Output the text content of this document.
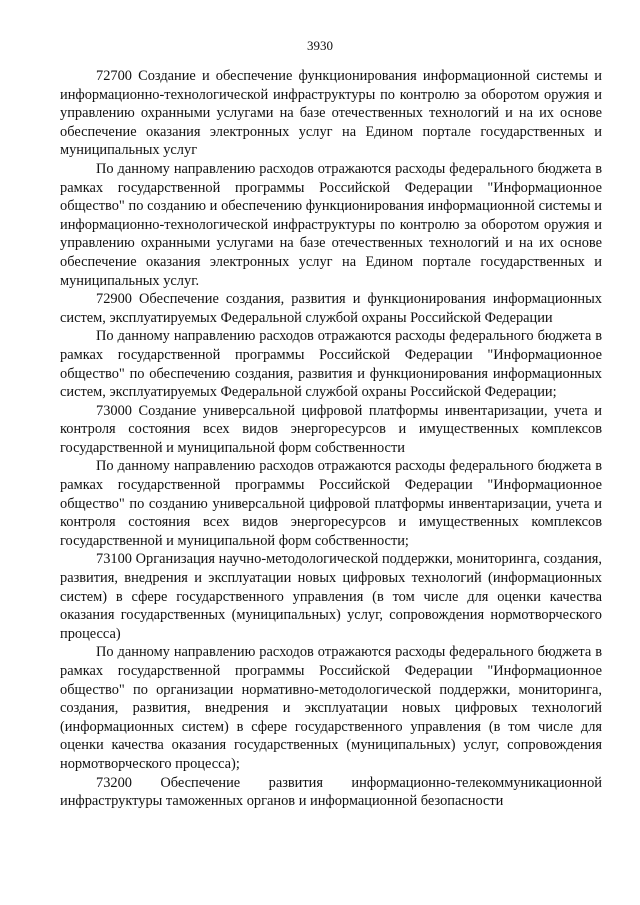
3930

72700 Создание и обеспечение функционирования информационной системы и информационно-технологической инфраструктуры по контролю за оборотом оружия и управлению охранными услугами на базе отечественных технологий и на их основе обеспечение оказания электронных услуг на Едином портале государственных и муниципальных услуг

По данному направлению расходов отражаются расходы федерального бюджета в рамках государственной программы Российской Федерации "Информационное общество" по созданию и обеспечению функционирования информационной системы и информационно-технологической инфраструктуры по контролю за оборотом оружия и управлению охранными услугами на базе отечественных технологий и на их основе обеспечение оказания электронных услуг на Едином портале государственных и муниципальных услуг.

72900 Обеспечение создания, развития и функционирования информационных систем, эксплуатируемых Федеральной службой охраны Российской Федерации

По данному направлению расходов отражаются расходы федерального бюджета в рамках государственной программы Российской Федерации "Информационное общество" по обеспечению создания, развития и функционирования информационных систем, эксплуатируемых Федеральной службой охраны Российской Федерации;

73000 Создание универсальной цифровой платформы инвентаризации, учета и контроля состояния всех видов энергоресурсов и имущественных комплексов государственной и муниципальной форм собственности

По данному направлению расходов отражаются расходы федерального бюджета в рамках государственной программы Российской Федерации "Информационное общество" по созданию универсальной цифровой платформы инвентаризации, учета и контроля состояния всех видов энергоресурсов и имущественных комплексов государственной и муниципальной форм собственности;

73100 Организация научно-методологической поддержки, мониторинга, создания, развития, внедрения и эксплуатации новых цифровых технологий (информационных систем) в сфере государственного управления (в том числе для оценки качества оказания государственных (муниципальных) услуг, сопровождения нормотворческого процесса)

По данному направлению расходов отражаются расходы федерального бюджета в рамках государственной программы Российской Федерации "Информационное общество" по организации нормативно-методологической поддержки, мониторинга, создания, развития, внедрения и эксплуатации новых цифровых технологий (информационных систем) в сфере государственного управления (в том числе для оценки качества оказания государственных (муниципальных) услуг, сопровождения нормотворческого процесса);

73200 Обеспечение развития информационно-телекоммуникационной инфраструктуры таможенных органов и информационной безопасности
